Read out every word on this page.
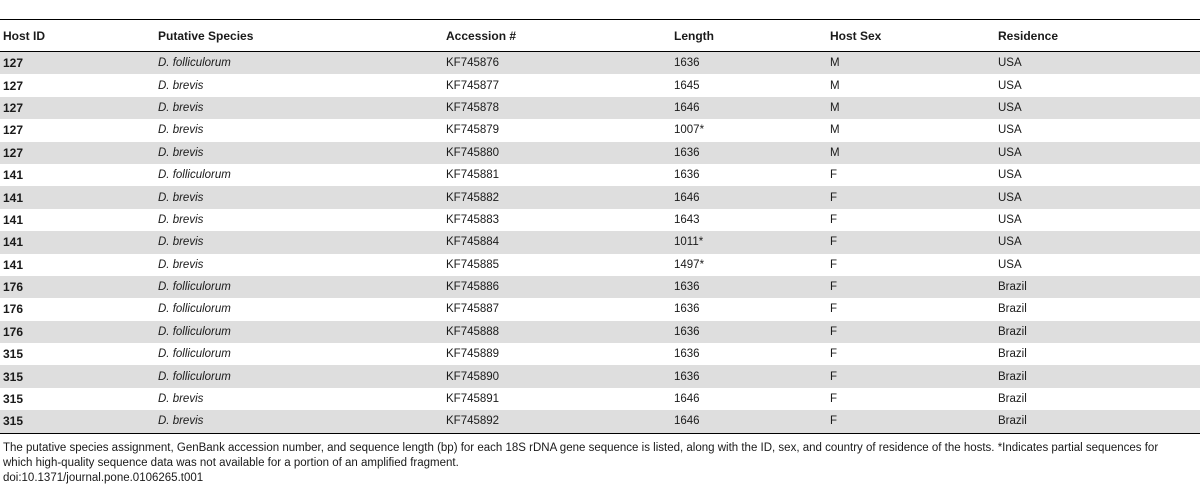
Host ID	Putative Species	Accession #	Length	Host Sex	Residence
127	D. folliculorum	KF745876	1636	M	USA
127	D. brevis	KF745877	1645	M	USA
127	D. brevis	KF745878	1646	M	USA
127	D. brevis	KF745879	1007*	M	USA
127	D. brevis	KF745880	1636	M	USA
141	D. folliculorum	KF745881	1636	F	USA
141	D. brevis	KF745882	1646	F	USA
141	D. brevis	KF745883	1643	F	USA
141	D. brevis	KF745884	1011*	F	USA
141	D. brevis	KF745885	1497*	F	USA
176	D. folliculorum	KF745886	1636	F	Brazil
176	D. folliculorum	KF745887	1636	F	Brazil
176	D. folliculorum	KF745888	1636	F	Brazil
315	D. folliculorum	KF745889	1636	F	Brazil
315	D. folliculorum	KF745890	1636	F	Brazil
315	D. brevis	KF745891	1646	F	Brazil
315	D. brevis	KF745892	1646	F	Brazil
The putative species assignment, GenBank accession number, and sequence length (bp) for each 18S rDNA gene sequence is listed, along with the ID, sex, and country of residence of the hosts. *Indicates partial sequences for
which high-quality sequence data was not available for a portion of an amplified fragment.
doi:10.1371/journal.pone.0106265.t001
